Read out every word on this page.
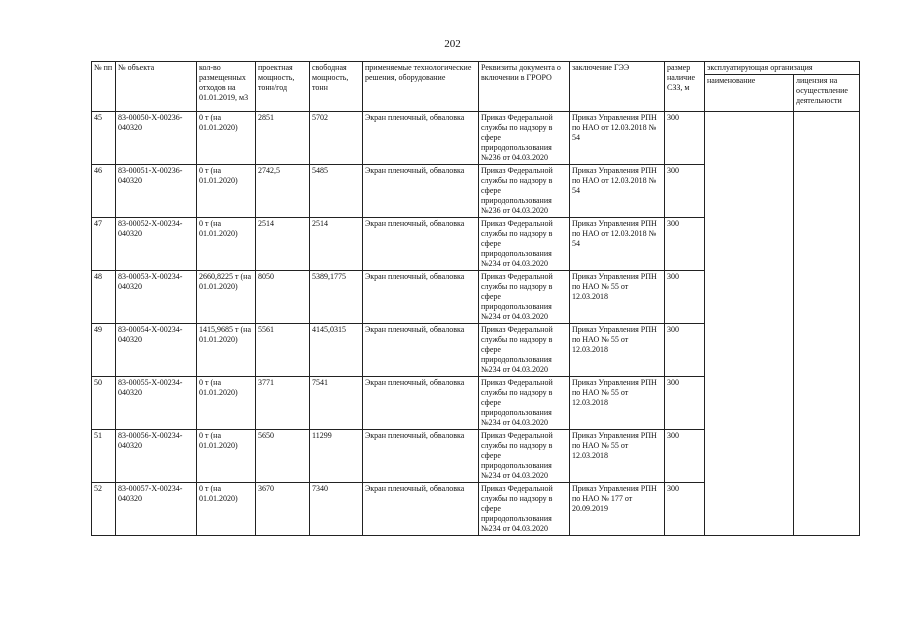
202
№ пп	№ объекта	кол-во размещенных отходов на 01.01.2019, м3	проектная мощность, тонн/год	свободная мощность, тонн	применяемые технологические решения, оборудование	Реквизиты документа о включении в ГРОРО	заключение ГЭЭ	размер наличие СЗЗ, м	эксплуатирующая организация	
									наименование	лицензия на осуществление деятельности
45	83-00050-Х-00236-040320	0 т (на 01.01.2020)	2851	5702	Экран пленочный, обваловка	Приказ Федеральной службы по надзору в сфере природопользования №236 от 04.03.2020	Приказ Управления РПН по НАО от 12.03.2018 № 54	300		
46	83-00051-Х-00236-040320	0 т (на 01.01.2020)	2742,5	5485	Экран пленочный, обваловка	Приказ Федеральной службы по надзору в сфере природопользования №236 от 04.03.2020	Приказ Управления РПН по НАО от 12.03.2018 № 54	300		
47	83-00052-Х-00234-040320	0 т (на 01.01.2020)	2514	2514	Экран пленочный, обваловка	Приказ Федеральной службы по надзору в сфере природопользования №234 от 04.03.2020	Приказ Управления РПН по НАО от 12.03.2018 № 54	300		
48	83-00053-Х-00234-040320	2660,8225 т (на 01.01.2020)	8050	5389,1775	Экран пленочный, обваловка	Приказ Федеральной службы по надзору в сфере природопользования №234 от 04.03.2020	Приказ Управления РПН по НАО № 55 от 12.03.2018	300		
49	83-00054-Х-00234-040320	1415,9685 т (на 01.01.2020)	5561	4145,0315	Экран пленочный, обваловка	Приказ Федеральной службы по надзору в сфере природопользования №234 от 04.03.2020	Приказ Управления РПН по НАО № 55 от 12.03.2018	300		
50	83-00055-Х-00234-040320	0 т (на 01.01.2020)	3771	7541	Экран пленочный, обваловка	Приказ Федеральной службы по надзору в сфере природопользования №234 от 04.03.2020	Приказ Управления РПН по НАО № 55 от 12.03.2018	300		
51	83-00056-Х-00234-040320	0 т (на 01.01.2020)	5650	11299	Экран пленочный, обваловка	Приказ Федеральной службы по надзору в сфере природопользования №234 от 04.03.2020	Приказ Управления РПН по НАО № 55 от 12.03.2018	300		
52	83-00057-Х-00234-040320	0 т (на 01.01.2020)	3670	7340	Экран пленочный, обваловка	Приказ Федеральной службы по надзору в сфере природопользования №234 от 04.03.2020	Приказ Управления РПН по НАО № 177 от 20.09.2019	300		
